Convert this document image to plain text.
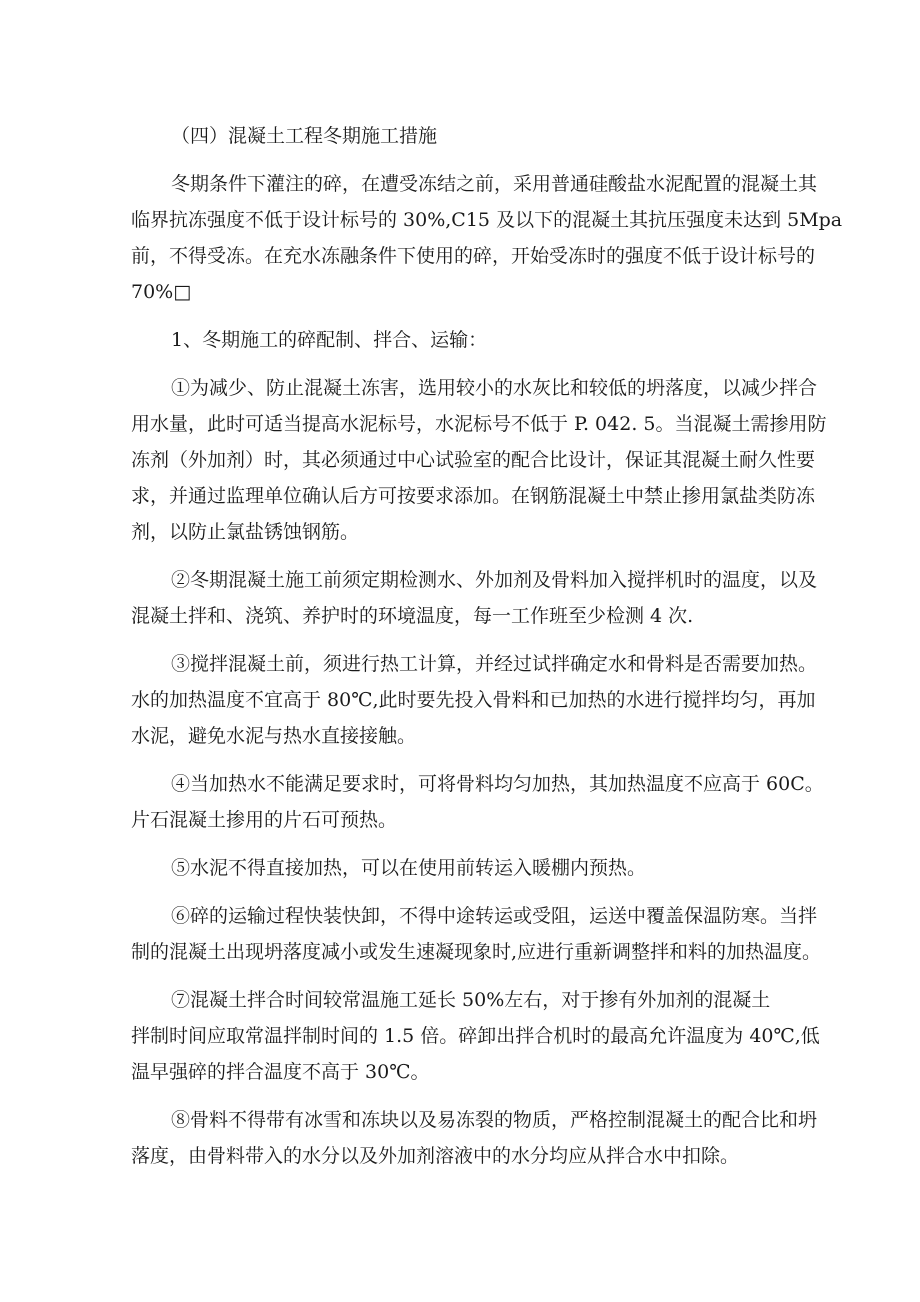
（四）混凝土工程冬期施工措施
冬期条件下灌注的碎，在遭受冻结之前，采用普通硅酸盐水泥配置的混凝土其
临界抗冻强度不低于设计标号的 30%,C15 及以下的混凝土其抗压强度未达到 5Mpa
前，不得受冻。在充水冻融条件下使用的碎，开始受冻时的强度不低于设计标号的
70%□
1、冬期施工的碎配制、拌合、运输：
①为减少、防止混凝土冻害，选用较小的水灰比和较低的坍落度，以减少拌合
用水量，此时可适当提高水泥标号，水泥标号不低于 P. 042. 5。当混凝土需掺用防
冻剂（外加剂）时，其必须通过中心试验室的配合比设计，保证其混凝土耐久性要
求，并通过监理单位确认后方可按要求添加。在钢筋混凝土中禁止掺用氯盐类防冻
剂，以防止氯盐锈蚀钢筋。
②冬期混凝土施工前须定期检测水、外加剂及骨料加入搅拌机时的温度，以及
混凝土拌和、浇筑、养护时的环境温度，每一工作班至少检测 4 次.
③搅拌混凝土前，须进行热工计算，并经过试拌确定水和骨料是否需要加热。
水的加热温度不宜高于 80℃,此时要先投入骨料和已加热的水进行搅拌均匀，再加
水泥，避免水泥与热水直接接触。
④当加热水不能满足要求时，可将骨料均匀加热，其加热温度不应高于 60C。
片石混凝土掺用的片石可预热。
⑤水泥不得直接加热，可以在使用前转运入暖棚内预热。
⑥碎的运输过程快装快卸，不得中途转运或受阻，运送中覆盖保温防寒。当拌
制的混凝土出现坍落度减小或发生速凝现象时,应进行重新调整拌和料的加热温度。
⑦混凝土拌合时间较常温施工延长 50%左右，对于掺有外加剂的混凝土
拌制时间应取常温拌制时间的 1.5 倍。碎卸出拌合机时的最高允许温度为 40℃,低
温早强碎的拌合温度不高于 30℃。
⑧骨料不得带有冰雪和冻块以及易冻裂的物质，严格控制混凝土的配合比和坍
落度，由骨料带入的水分以及外加剂溶液中的水分均应从拌合水中扣除。
